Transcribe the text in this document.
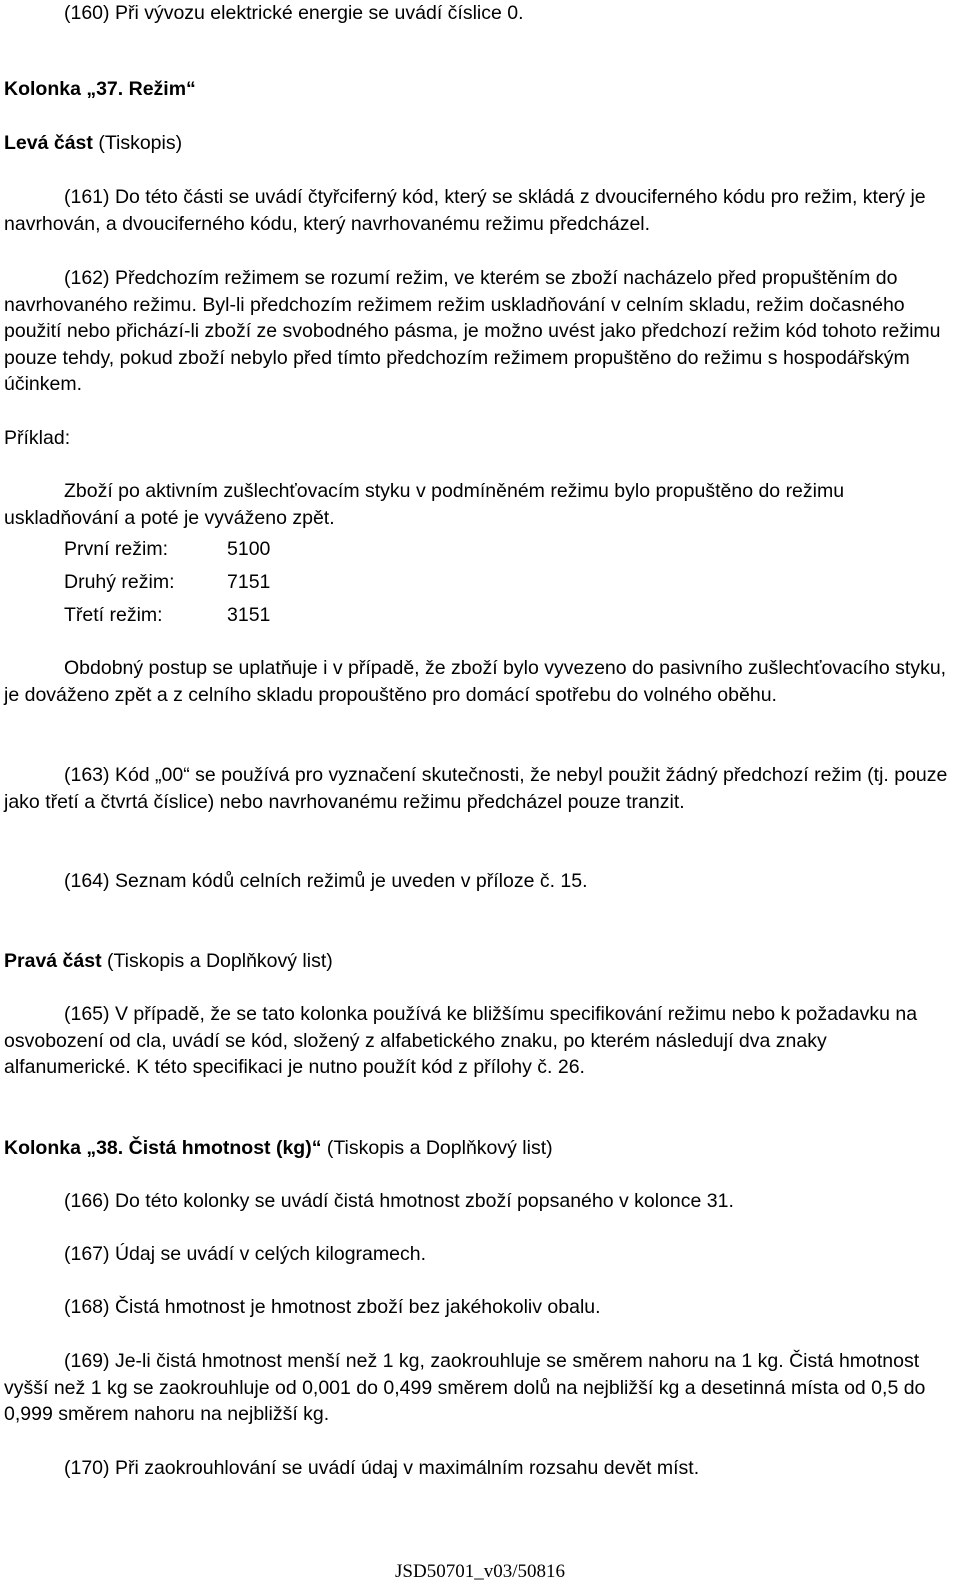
(160) Při vývozu elektrické energie se uvádí číslice 0.

Kolonka „37. Režim“

Levá část (Tiskopis)

(161) Do této části se uvádí čtyřciferný kód, který se skládá z dvouciferného kódu pro režim, který je navrhován, a dvouciferného kódu, který navrhovanému režimu předcházel.

(162) Předchozím režimem se rozumí režim, ve kterém se zboží nacházelo před propuštěním do navrhovaného režimu. Byl-li předchozím režimem režim uskladňování v celním skladu, režim dočasného použití nebo přichází-li zboží ze svobodného pásma, je možno uvést jako předchozí režim kód tohoto režimu pouze tehdy, pokud zboží nebylo před tímto předchozím režimem propuštěno do režimu s hospodářským účinkem.

Příklad:

Zboží po aktivním zušlechťovacím styku v podmíněném režimu bylo propuštěno do režimu uskladňování a poté je vyváženo zpět.

První režim:	5100
Druhý režim:	7151
Třetí režim:	3151

Obdobný postup se uplatňuje i v případě, že zboží bylo vyvezeno do pasivního zušlechťovacího styku, je dováženo zpět a z celního skladu propouštěno pro domácí spotřebu do volného oběhu.

(163) Kód „00“ se používá pro vyznačení skutečnosti, že nebyl použit žádný předchozí režim (tj. pouze jako třetí a čtvrtá číslice) nebo navrhovanému režimu předcházel pouze tranzit.

(164) Seznam kódů celních režimů je uveden v příloze č. 15.

Pravá část (Tiskopis a Doplňkový list)

(165) V případě, že se tato kolonka používá ke bližšímu specifikování režimu nebo k požadavku na osvobození od cla, uvádí se kód, složený z alfabetického znaku, po kterém následují dva znaky alfanumerické. K této specifikaci je nutno použít kód z přílohy č. 26.

Kolonka „38. Čistá hmotnost (kg)“ (Tiskopis a Doplňkový list)

(166) Do této kolonky se uvádí čistá hmotnost zboží popsaného v kolonce 31.

(167) Údaj se uvádí v celých kilogramech.

(168) Čistá hmotnost je hmotnost zboží bez jakéhokoliv obalu.

(169) Je-li čistá hmotnost menší než 1 kg, zaokrouhluje se směrem nahoru na 1 kg. Čistá hmotnost vyšší než 1 kg se zaokrouhluje od 0,001 do 0,499 směrem dolů na nejbližší kg a desetinná místa od 0,5 do 0,999 směrem nahoru na nejbližší kg.

(170) Při zaokrouhlování se uvádí údaj v maximálním rozsahu devět míst.

JSD50701_v03/50816
